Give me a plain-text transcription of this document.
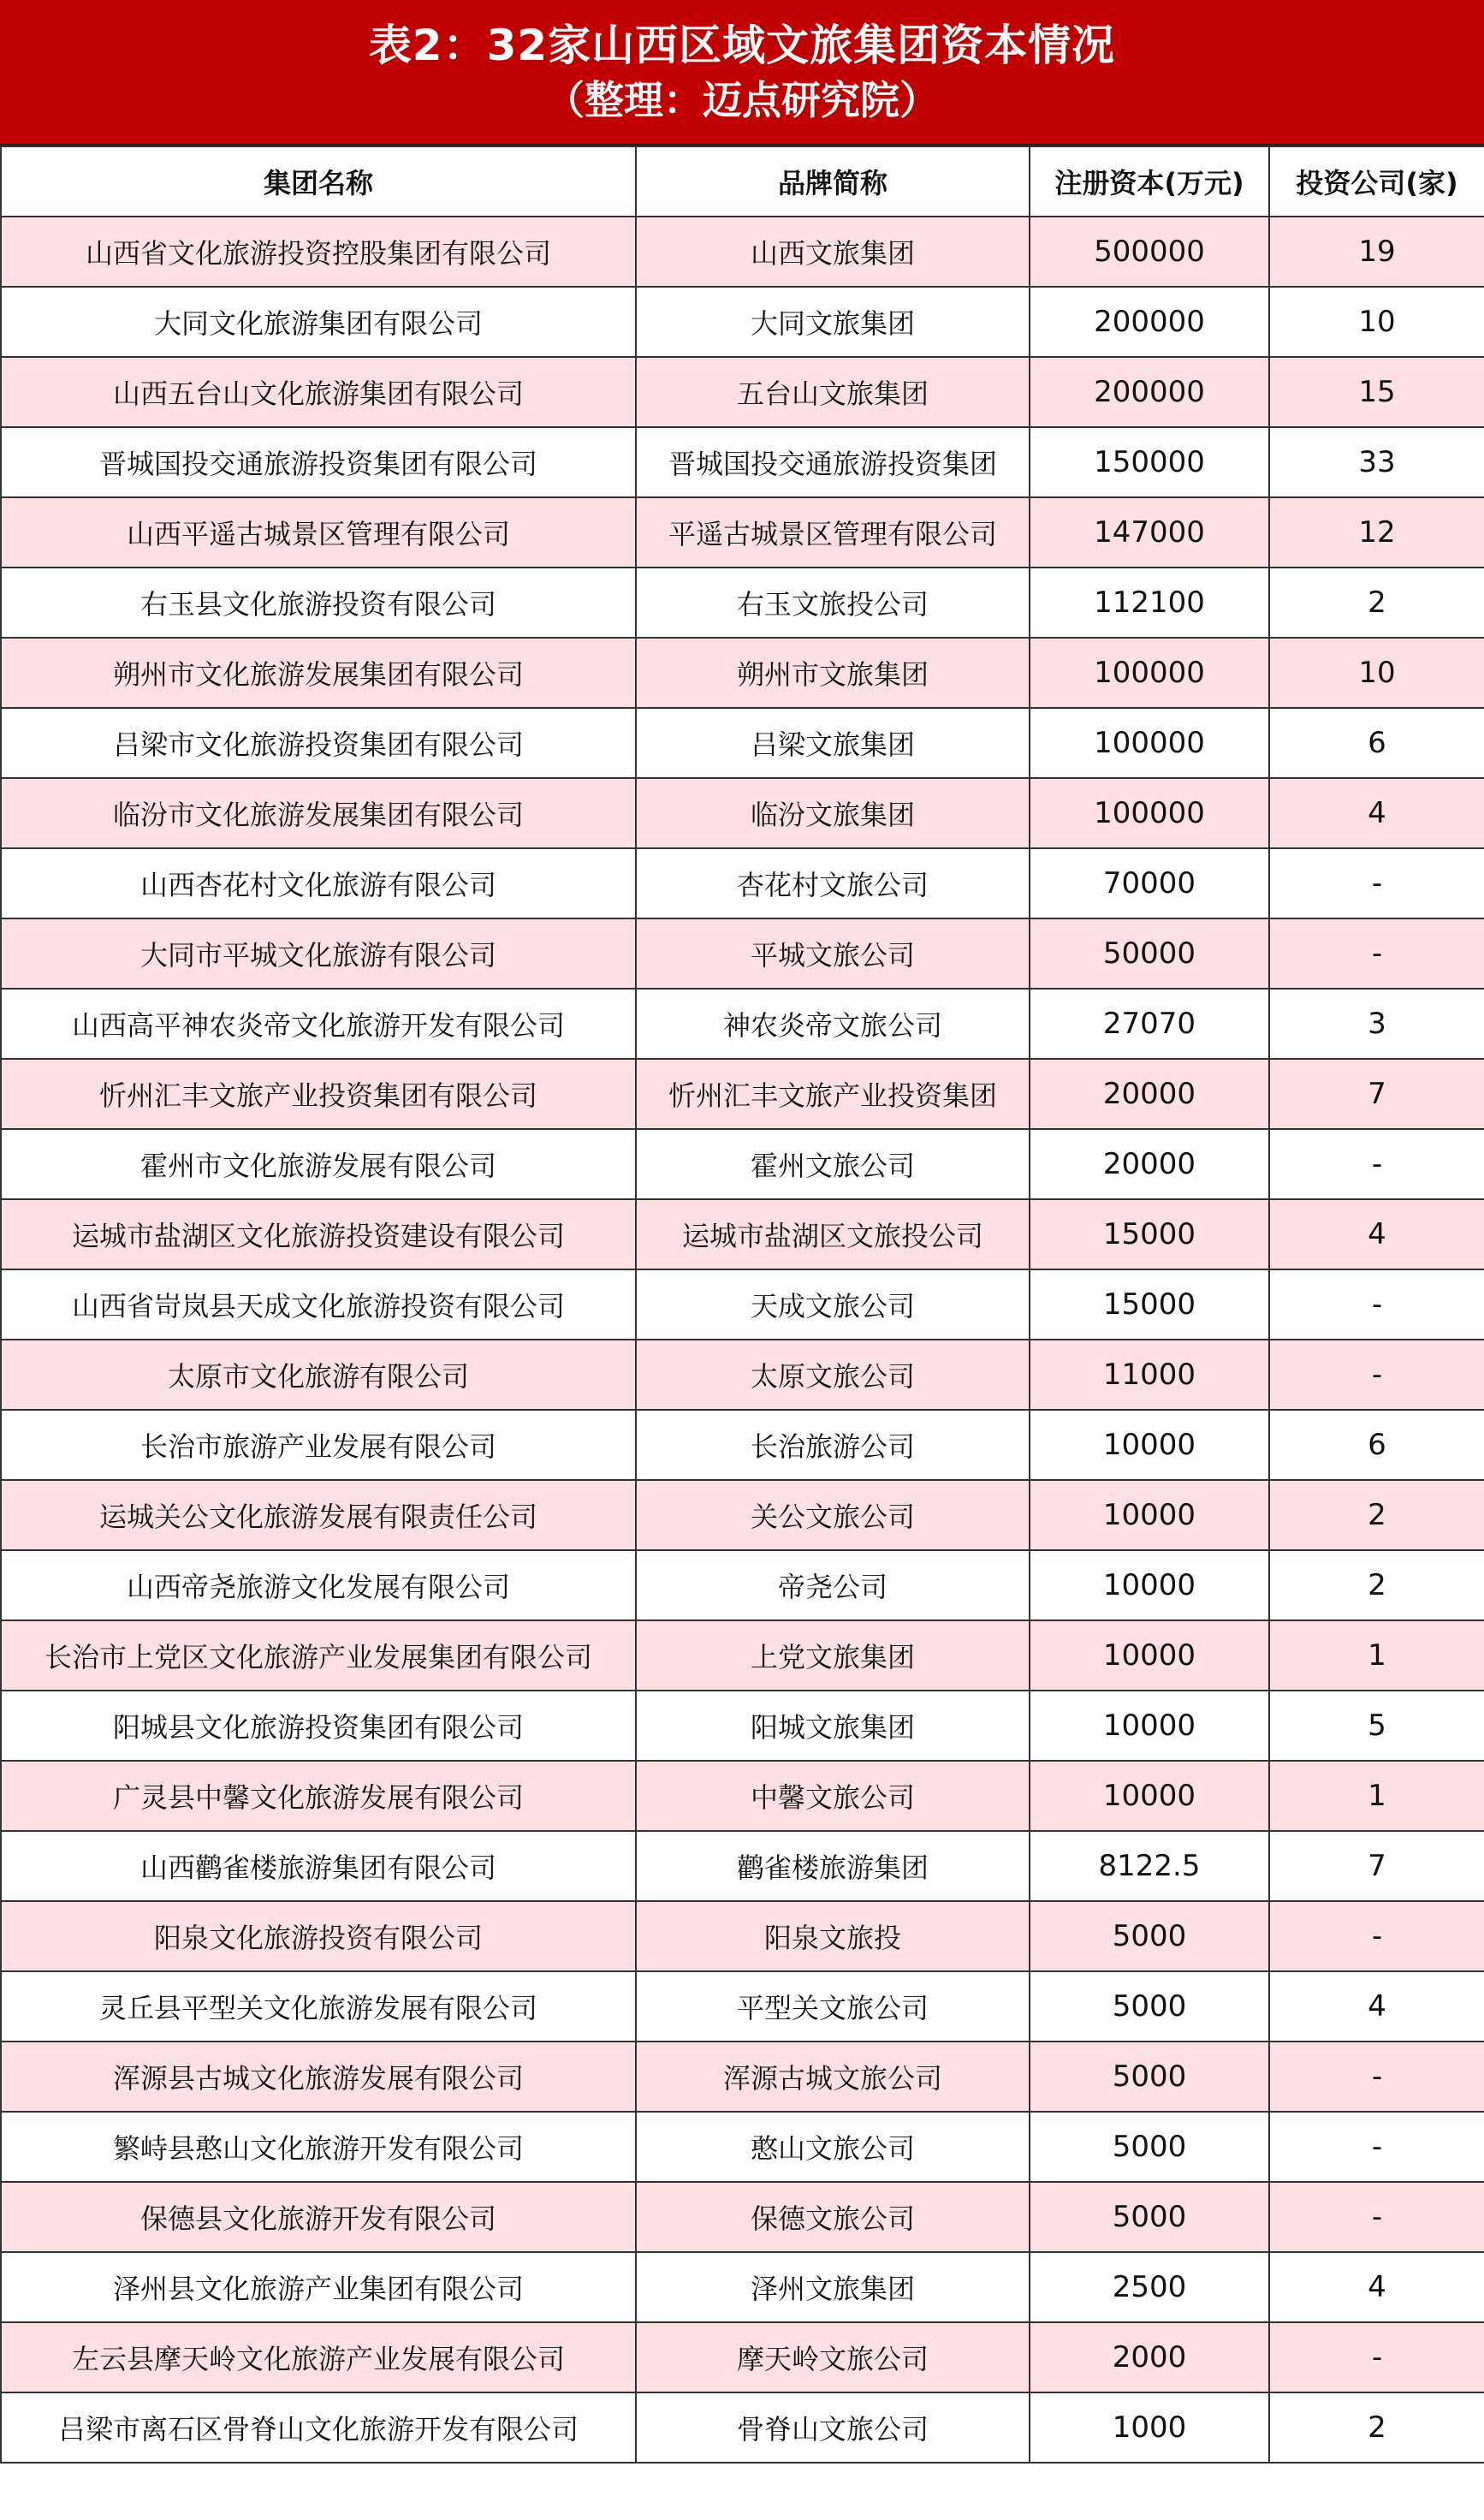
表2：32家山西区域文旅集团资本情况
（整理：迈点研究院）
集团名称	品牌简称	注册资本(万元)	投资公司(家)
山西省文化旅游投资控股集团有限公司	山西文旅集团	500000	19
大同文化旅游集团有限公司	大同文旅集团	200000	10
山西五台山文化旅游集团有限公司	五台山文旅集团	200000	15
晋城国投交通旅游投资集团有限公司	晋城国投交通旅游投资集团	150000	33
山西平遥古城景区管理有限公司	平遥古城景区管理有限公司	147000	12
右玉县文化旅游投资有限公司	右玉文旅投公司	112100	2
朔州市文化旅游发展集团有限公司	朔州市文旅集团	100000	10
吕梁市文化旅游投资集团有限公司	吕梁文旅集团	100000	6
临汾市文化旅游发展集团有限公司	临汾文旅集团	100000	4
山西杏花村文化旅游有限公司	杏花村文旅公司	70000	-
大同市平城文化旅游有限公司	平城文旅公司	50000	-
山西高平神农炎帝文化旅游开发有限公司	神农炎帝文旅公司	27070	3
忻州汇丰文旅产业投资集团有限公司	忻州汇丰文旅产业投资集团	20000	7
霍州市文化旅游发展有限公司	霍州文旅公司	20000	-
运城市盐湖区文化旅游投资建设有限公司	运城市盐湖区文旅投公司	15000	4
山西省岢岚县天成文化旅游投资有限公司	天成文旅公司	15000	-
太原市文化旅游有限公司	太原文旅公司	11000	-
长治市旅游产业发展有限公司	长治旅游公司	10000	6
运城关公文化旅游发展有限责任公司	关公文旅公司	10000	2
山西帝尧旅游文化发展有限公司	帝尧公司	10000	2
长治市上党区文化旅游产业发展集团有限公司	上党文旅集团	10000	1
阳城县文化旅游投资集团有限公司	阳城文旅集团	10000	5
广灵县中馨文化旅游发展有限公司	中馨文旅公司	10000	1
山西鹳雀楼旅游集团有限公司	鹳雀楼旅游集团	8122.5	7
阳泉文化旅游投资有限公司	阳泉文旅投	5000	-
灵丘县平型关文化旅游发展有限公司	平型关文旅公司	5000	4
浑源县古城文化旅游发展有限公司	浑源古城文旅公司	5000	-
繁峙县憨山文化旅游开发有限公司	憨山文旅公司	5000	-
保德县文化旅游开发有限公司	保德文旅公司	5000	-
泽州县文化旅游产业集团有限公司	泽州文旅集团	2500	4
左云县摩天岭文化旅游产业发展有限公司	摩天岭文旅公司	2000	-
吕梁市离石区骨脊山文化旅游开发有限公司	骨脊山文旅公司	1000	2
